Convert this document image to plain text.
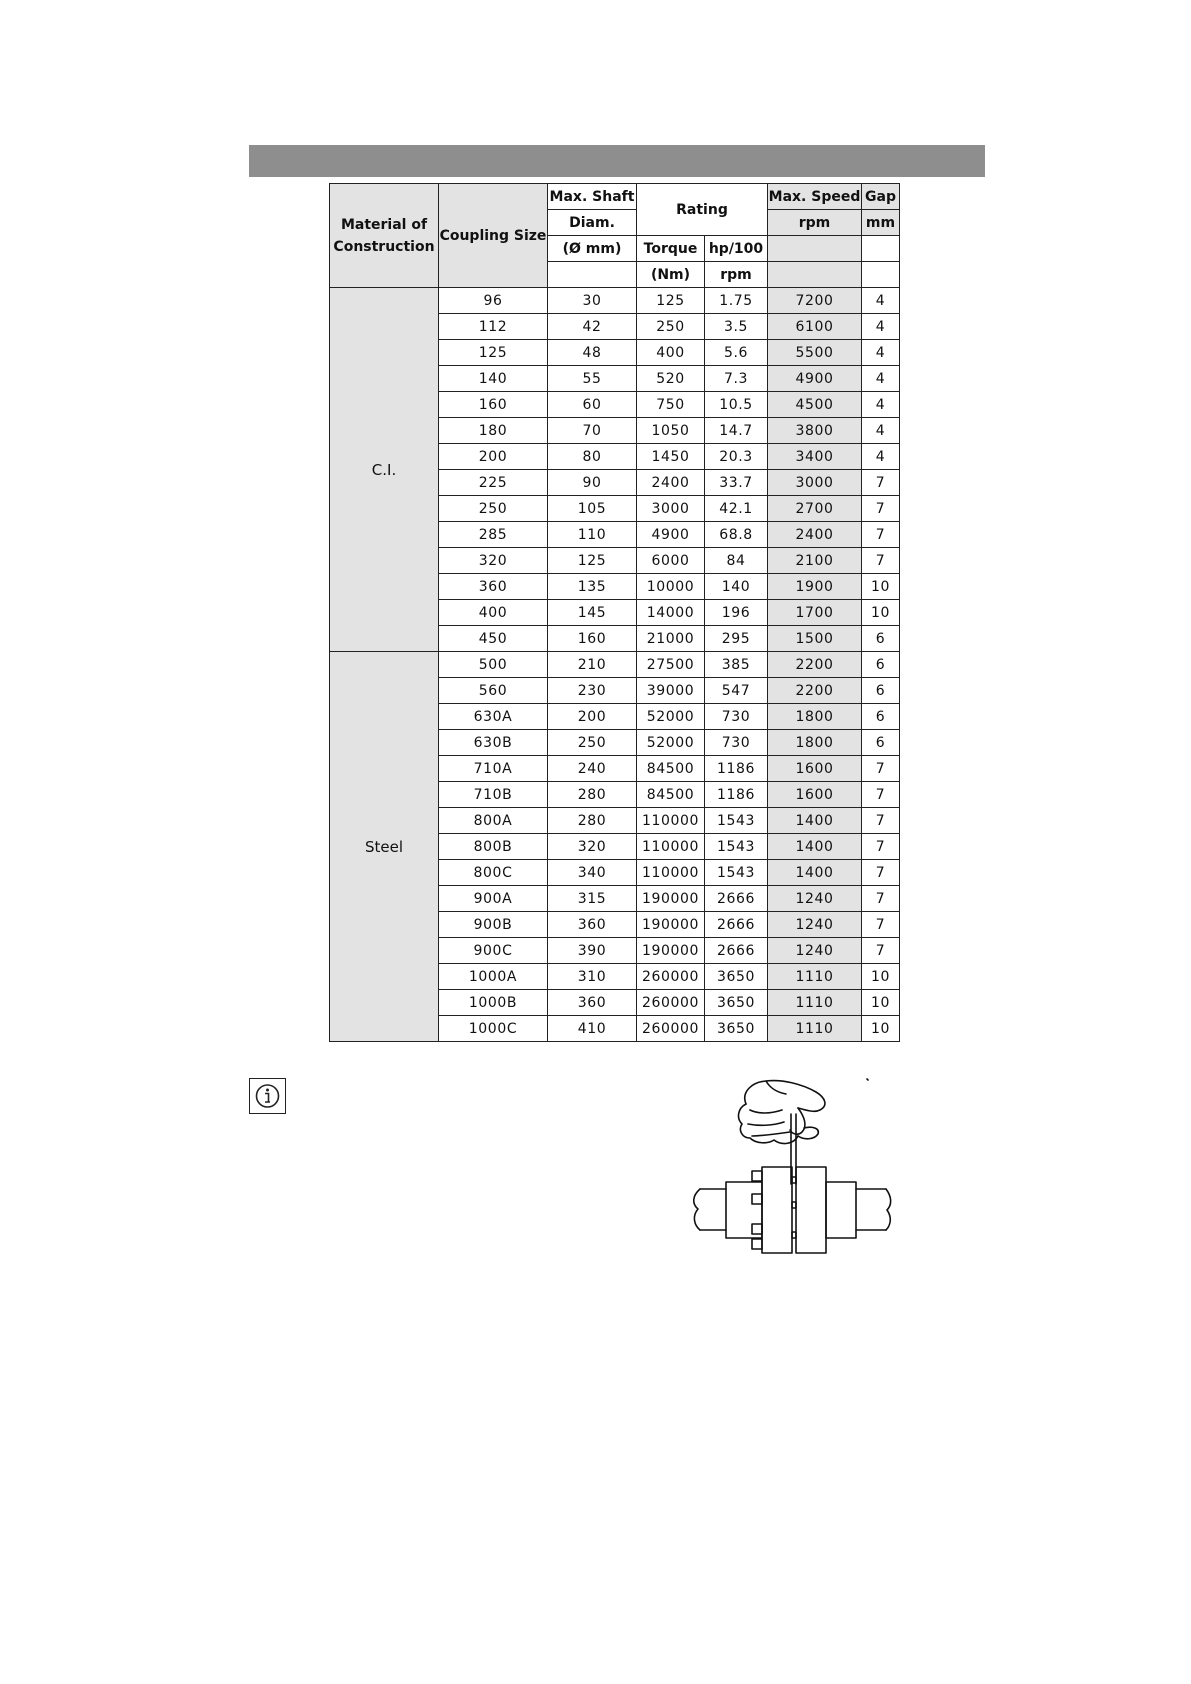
Material of Construction	Coupling Size	Max. Shaft	Rating		Max. Speed	Gap
		Diam.			rpm	mm
		(Ø mm)	Torque	hp/100		
			(Nm)	rpm		
C.I.	96	30	125	1.75	7200	4
	112	42	250	3.5	6100	4
	125	48	400	5.6	5500	4
	140	55	520	7.3	4900	4
	160	60	750	10.5	4500	4
	180	70	1050	14.7	3800	4
	200	80	1450	20.3	3400	4
	225	90	2400	33.7	3000	7
	250	105	3000	42.1	2700	7
	285	110	4900	68.8	2400	7
	320	125	6000	84	2100	7
	360	135	10000	140	1900	10
	400	145	14000	196	1700	10
	450	160	21000	295	1500	6
Steel	500	210	27500	385	2200	6
	560	230	39000	547	2200	6
	630A	200	52000	730	1800	6
	630B	250	52000	730	1800	6
	710A	240	84500	1186	1600	7
	710B	280	84500	1186	1600	7
	800A	280	110000	1543	1400	7
	800B	320	110000	1543	1400	7
	800C	340	110000	1543	1400	7
	900A	315	190000	2666	1240	7
	900B	360	190000	2666	1240	7
	900C	390	190000	2666	1240	7
	1000A	310	260000	3650	1110	10
	1000B	360	260000	3650	1110	10
	1000C	410	260000	3650	1110	10
